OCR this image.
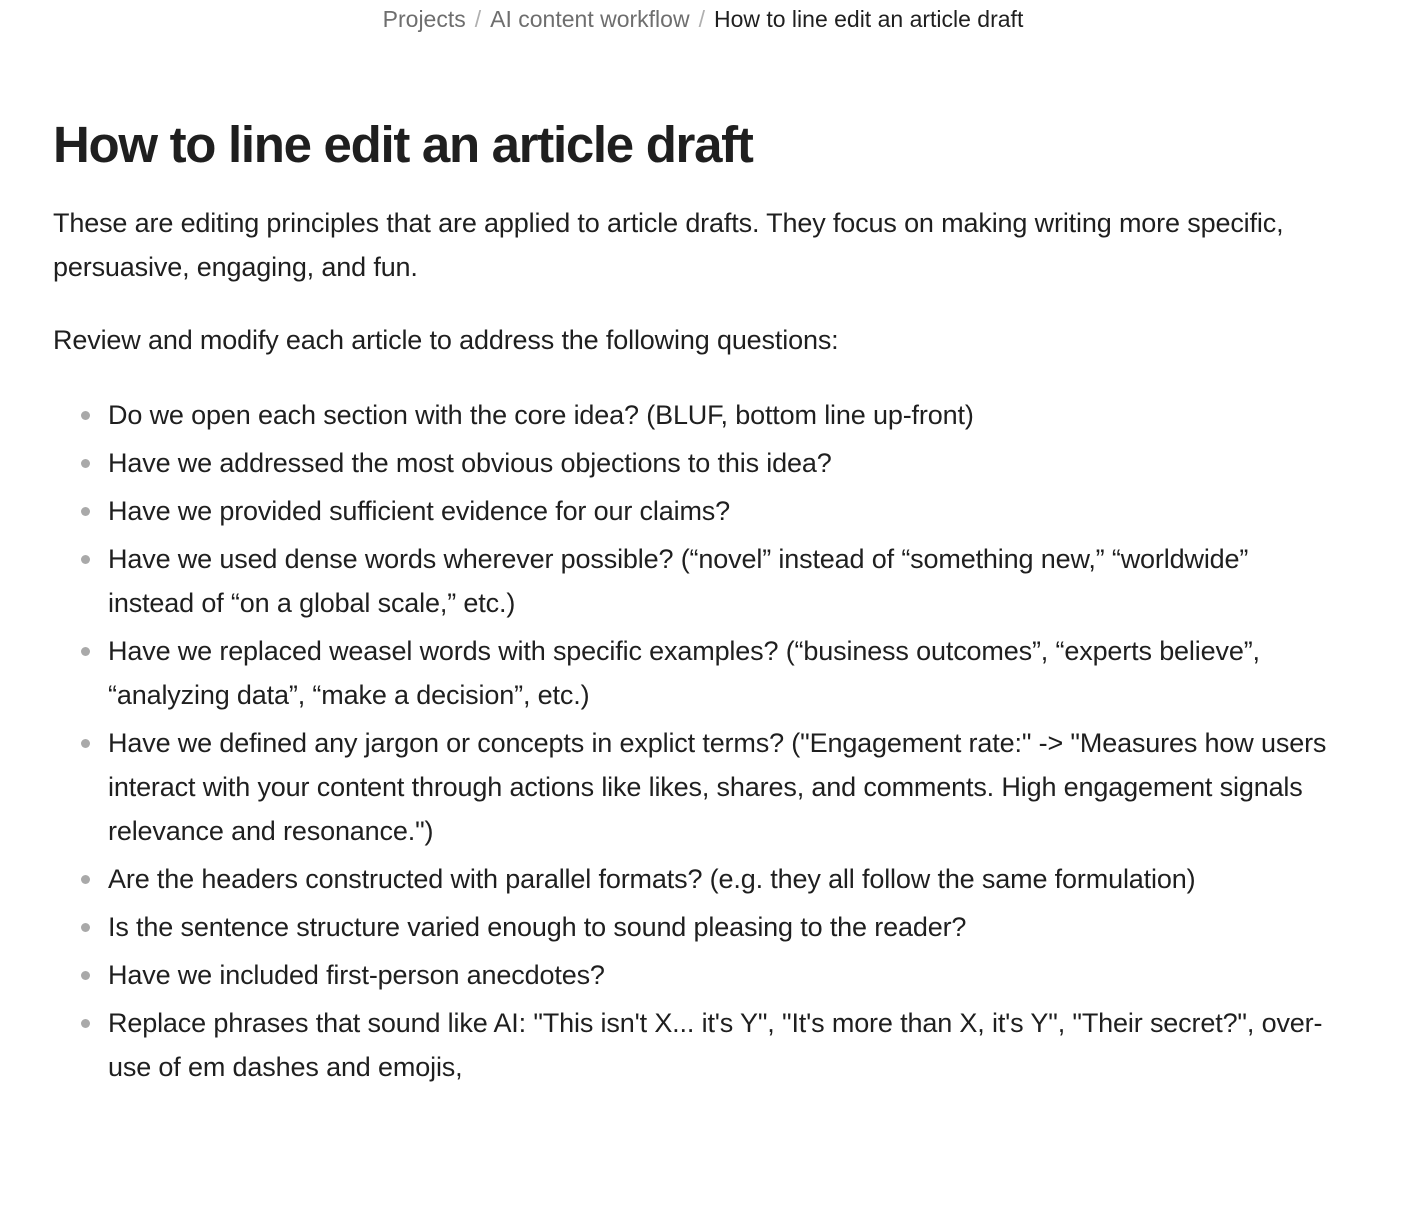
Projects / AI content workflow / How to line edit an article draft
How to line edit an article draft

These are editing principles that are applied to article drafts. They focus on making writing more specific, persuasive, engaging, and fun.

Review and modify each article to address the following questions:

Do we open each section with the core idea? (BLUF, bottom line up-front)
Have we addressed the most obvious objections to this idea?
Have we provided sufficient evidence for our claims?
Have we used dense words wherever possible? (“novel” instead of “something new,” “worldwide” instead of “on a global scale,” etc.)
Have we replaced weasel words with specific examples? (“business outcomes”, “experts believe”, “analyzing data”, “make a decision”, etc.)
Have we defined any jargon or concepts in explict terms? ("Engagement rate:" -> "Measures how users interact with your content through actions like likes, shares, and comments. High engagement signals relevance and resonance.")
Are the headers constructed with parallel formats? (e.g. they all follow the same formulation)
Is the sentence structure varied enough to sound pleasing to the reader?
Have we included first-person anecdotes?
Replace phrases that sound like AI: "This isn't X... it's Y", "It's more than X, it's Y", "Their secret?", over-use of em dashes and emojis,
